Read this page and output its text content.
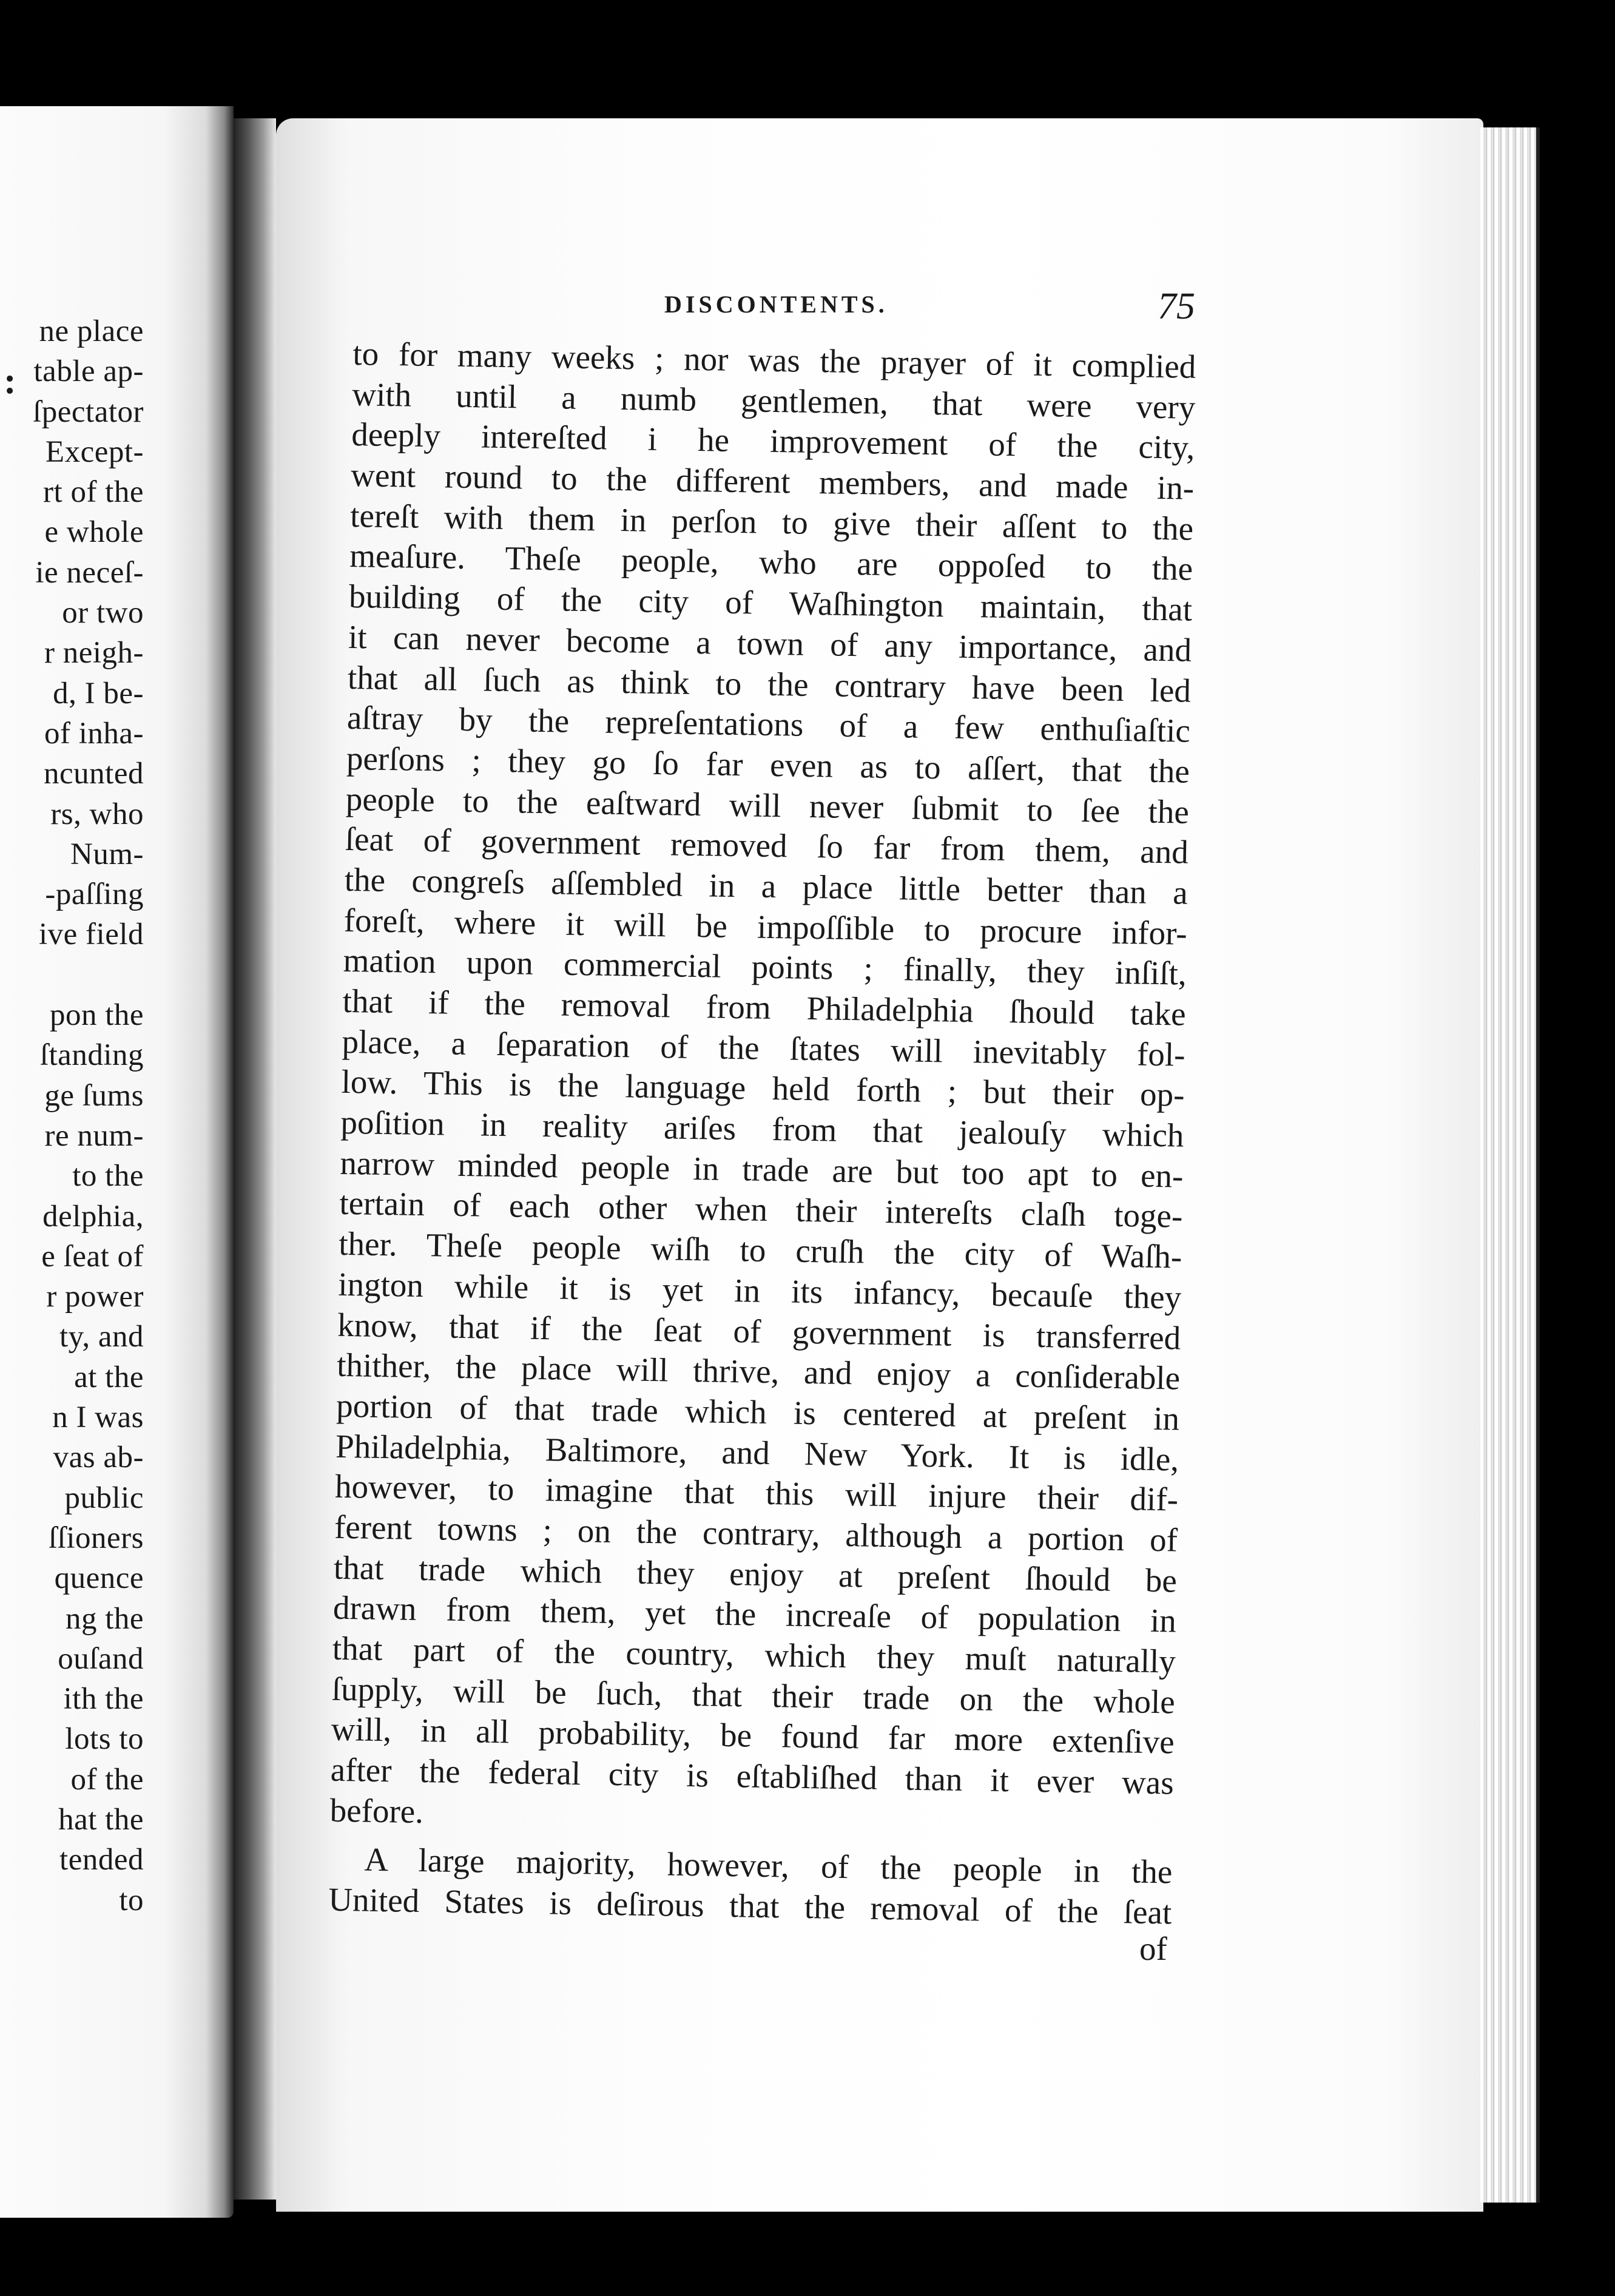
:
ne place
table ap-
ſpectator
Except-
rt of the
e whole
ie neceſ-
or two
r neigh-
d, I be-
of inha-
ncunted
rs, who
Num-
-paſſing
ive field
pon the
ſtanding
ge ſums
re num-
to the
delphia,
e ſeat of
r power
ty, and
at the
n I was
vas ab-
public
ſſioners
quence
ng the
ouſand
ith the
lots to
of the
hat the
tended
to
DISCONTENTS.	75
to for many weeks ; nor was the prayer of it complied
with until a numb gentlemen, that were very
deeply intereſted i he improvement of the city,
went round to the different members, and made in-
tereſt with them in perſon to give their aſſent to the
meaſure. Theſe people, who are oppoſed to the
building of the city of Waſhington maintain, that
it can never become a town of any importance, and
that all ſuch as think to the contrary have been led
aſtray by the repreſentations of a few enthuſiaſtic
perſons ; they go ſo far even as to aſſert, that the
people to the eaſtward will never ſubmit to ſee the
ſeat of government removed ſo far from them, and
the congreſs aſſembled in a place little better than a
foreſt, where it will be impoſſible to procure infor-
mation upon commercial points ; finally, they inſiſt,
that if the removal from Philadelphia ſhould take
place, a ſeparation of the ſtates will inevitably fol-
low. This is the language held forth ; but their op-
poſition in reality ariſes from that jealouſy which
narrow minded people in trade are but too apt to en-
tertain of each other when their intereſts claſh toge-
ther. Theſe people wiſh to cruſh the city of Waſh-
ington while it is yet in its infancy, becauſe they
know, that if the ſeat of government is transferred
thither, the place will thrive, and enjoy a conſiderable
portion of that trade which is centered at preſent in
Philadelphia, Baltimore, and New York. It is idle,
however, to imagine that this will injure their dif-
ferent towns ; on the contrary, although a portion of
that trade which they enjoy at preſent ſhould be
drawn from them, yet the increaſe of population in
that part of the country, which they muſt naturally
ſupply, will be ſuch, that their trade on the whole
will, in all probability, be found far more extenſive
after the federal city is eſtabliſhed than it ever was
before.
A large majority, however, of the people in the
United States is deſirous that the removal of the ſeat
of
